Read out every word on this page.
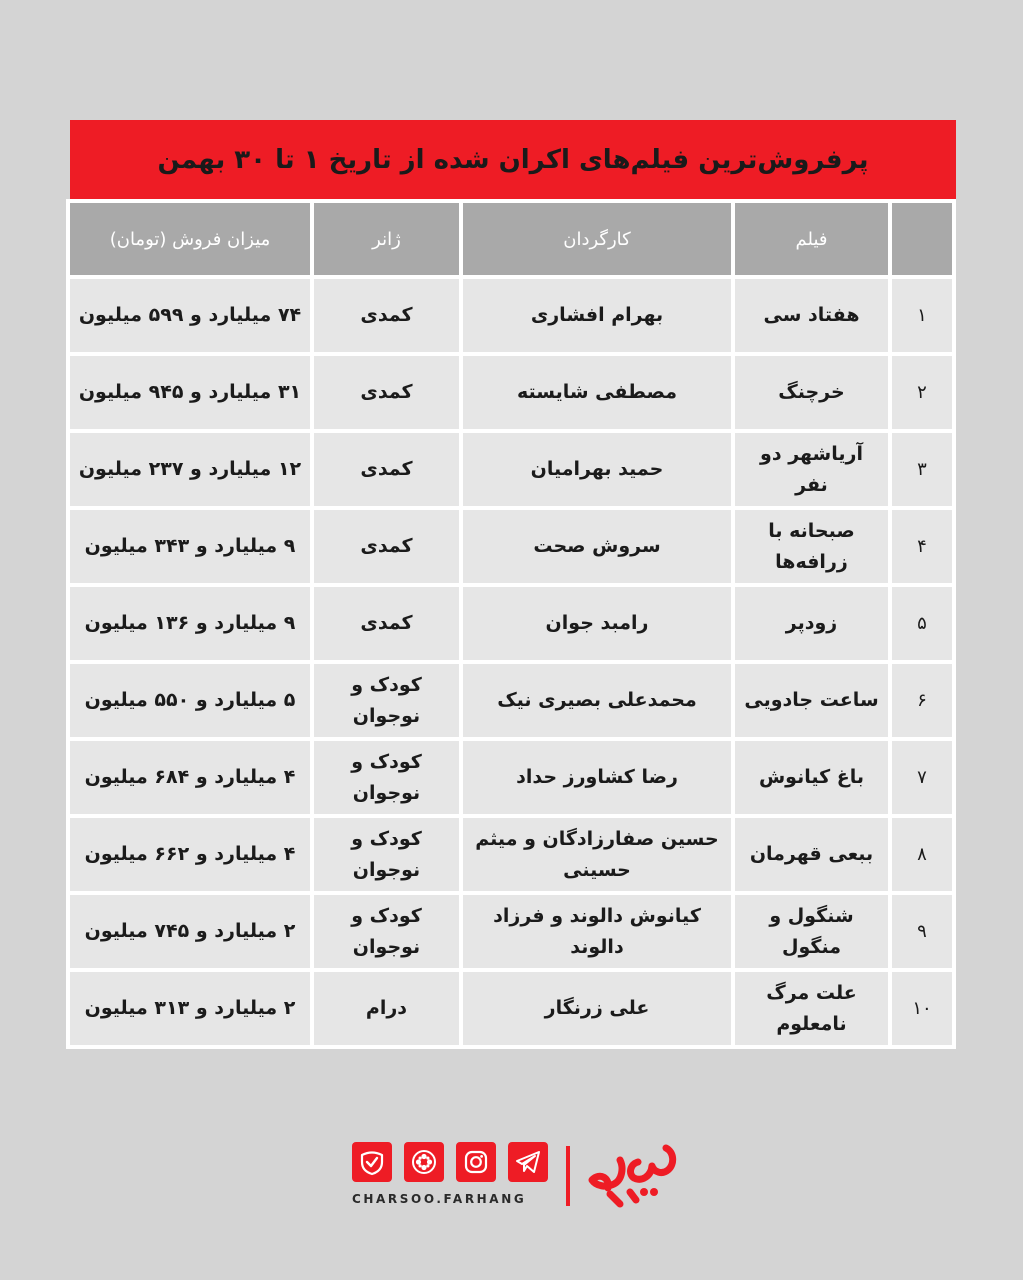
پرفروش‌ترین فیلم‌های اکران شده از تاریخ ۱ تا ۳۰ بهمن
	فیلم	کارگردان	ژانر	میزان فروش (تومان)
۱	هفتاد سی	بهرام افشاری	کمدی	۷۴ میلیارد و ۵۹۹ میلیون
۲	خرچنگ	مصطفی شایسته	کمدی	۳۱ میلیارد و ۹۴۵ میلیون
۳	آریاشهر دو نفر	حمید بهرامیان	کمدی	۱۲ میلیارد و ۲۳۷ میلیون
۴	صبحانه با زرافه‌ها	سروش صحت	کمدی	۹ میلیارد و ۳۴۳ میلیون
۵	زودپر	رامبد جوان	کمدی	۹ میلیارد و ۱۳۶ میلیون
۶	ساعت جادویی	محمدعلی بصیری نیک	کودک و نوجوان	۵ میلیارد و ۵۵۰ میلیون
۷	باغ کیانوش	رضا کشاورز حداد	کودک و نوجوان	۴ میلیارد و ۶۸۴ میلیون
۸	ببعی قهرمان	حسین صفارزادگان و میثم حسینی	کودک و نوجوان	۴ میلیارد و ۶۶۲ میلیون
۹	شنگول و منگول	کیانوش دالوند و فرزاد دالوند	کودک و نوجوان	۲ میلیارد و ۷۴۵ میلیون
۱۰	علت مرگ نامعلوم	علی زرنگار	درام	۲ میلیارد و ۳۱۳ میلیون
CHARSOO.FARHANG
